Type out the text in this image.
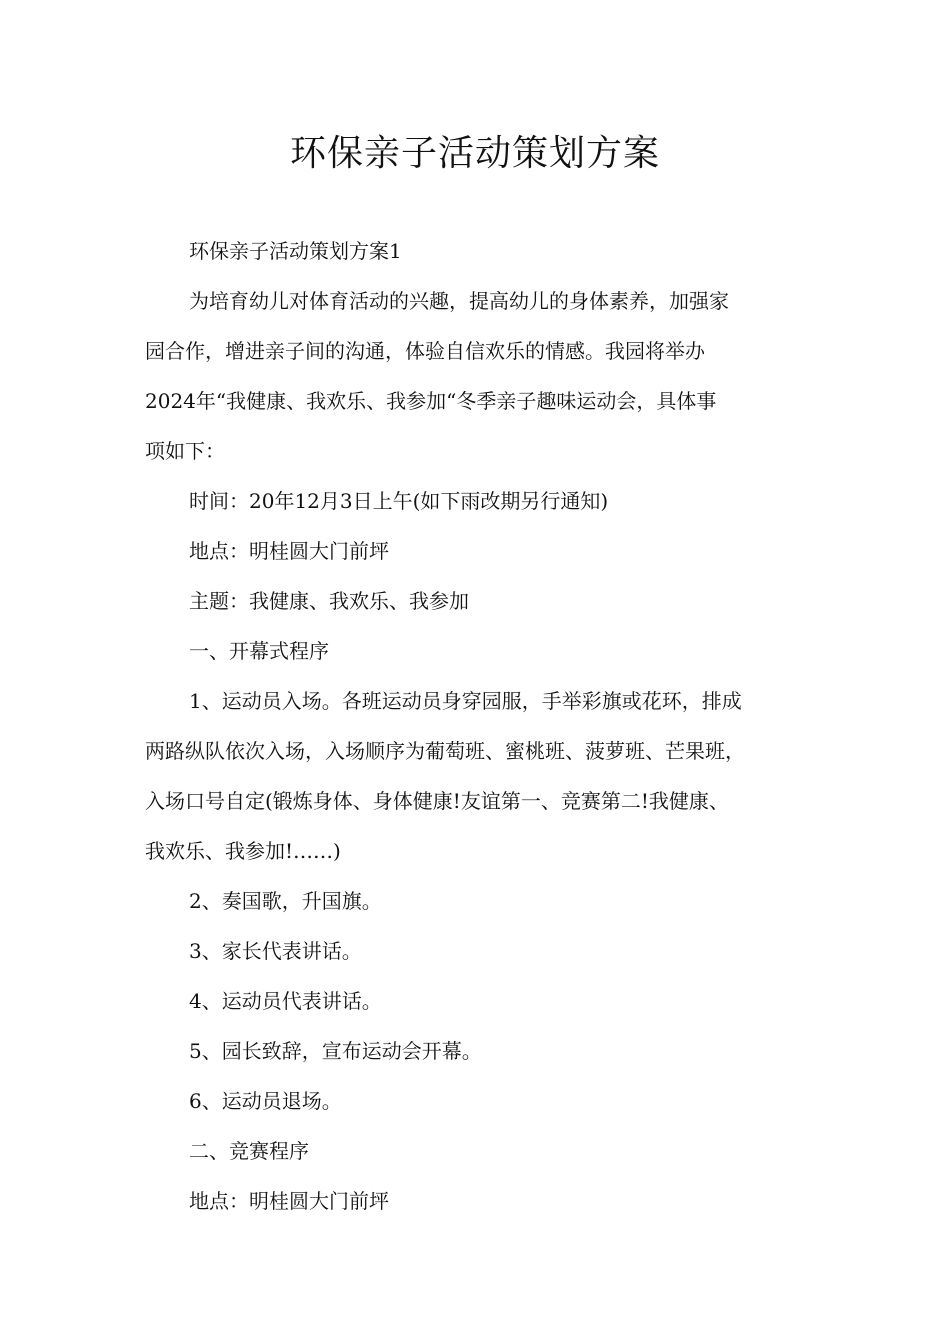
环保亲子活动策划方案

环保亲子活动策划方案1

为培育幼儿对体育活动的兴趣，提高幼儿的身体素养，加强家
园合作，增进亲子间的沟通，体验自信欢乐的情感。我园将举办
2024年“我健康、我欢乐、我参加“冬季亲子趣味运动会，具体事
项如下：

时间：20年12月3日上午(如下雨改期另行通知)

地点：明桂圆大门前坪

主题：我健康、我欢乐、我参加

一、开幕式程序

1、运动员入场。各班运动员身穿园服，手举彩旗或花环，排成
两路纵队依次入场，入场顺序为葡萄班、蜜桃班、菠萝班、芒果班，
入场口号自定(锻炼身体、身体健康!友谊第一、竞赛第二!我健康、
我欢乐、我参加!……)

2、奏国歌，升国旗。

3、家长代表讲话。

4、运动员代表讲话。

5、园长致辞，宣布运动会开幕。

6、运动员退场。

二、竞赛程序

地点：明桂圆大门前坪
